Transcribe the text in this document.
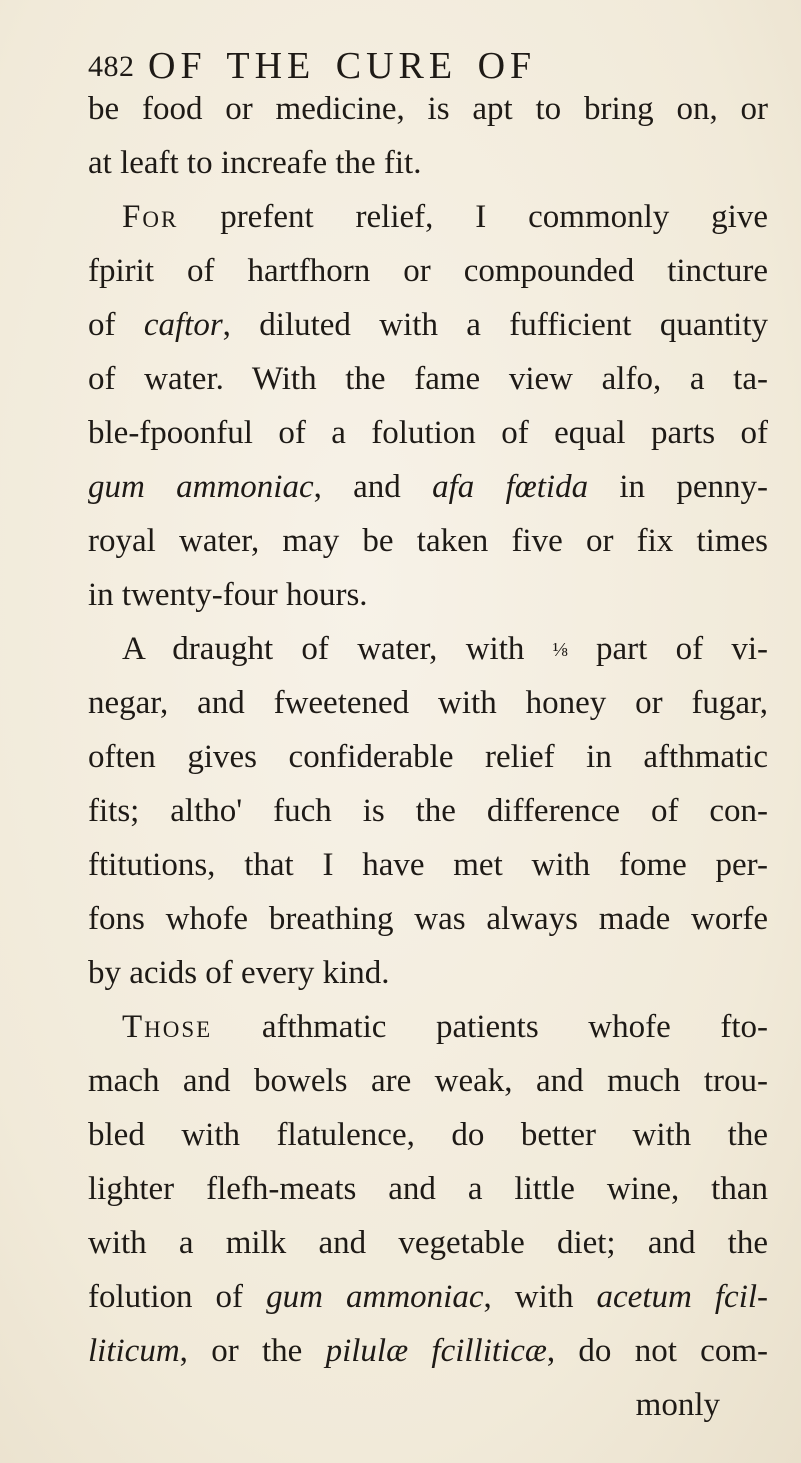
482 OF THE CURE OF
be food or medicine, is apt to bring on, or
at leaft to increafe the fit.
For prefent relief, I commonly give
fpirit of hartfhorn or compounded tincture
of caftor, diluted with a fufficient quantity
of water. With the fame view alfo, a ta-
ble-fpoonful of a folution of equal parts of
gum ammoniac, and afa fœtida in penny-
royal water, may be taken five or fix times
in twenty-four hours.
A draught of water, with ⅛ part of vi-
negar, and fweetened with honey or fugar,
often gives confiderable relief in afthmatic
fits; altho' fuch is the difference of con-
ftitutions, that I have met with fome per-
fons whofe breathing was always made worfe
by acids of every kind.
Those afthmatic patients whofe fto-
mach and bowels are weak, and much trou-
bled with flatulence, do better with the
lighter flefh-meats and a little wine, than
with a milk and vegetable diet; and the
folution of gum ammoniac, with acetum fcil-
liticum, or the pilulæ fcilliticæ, do not com-
monly
